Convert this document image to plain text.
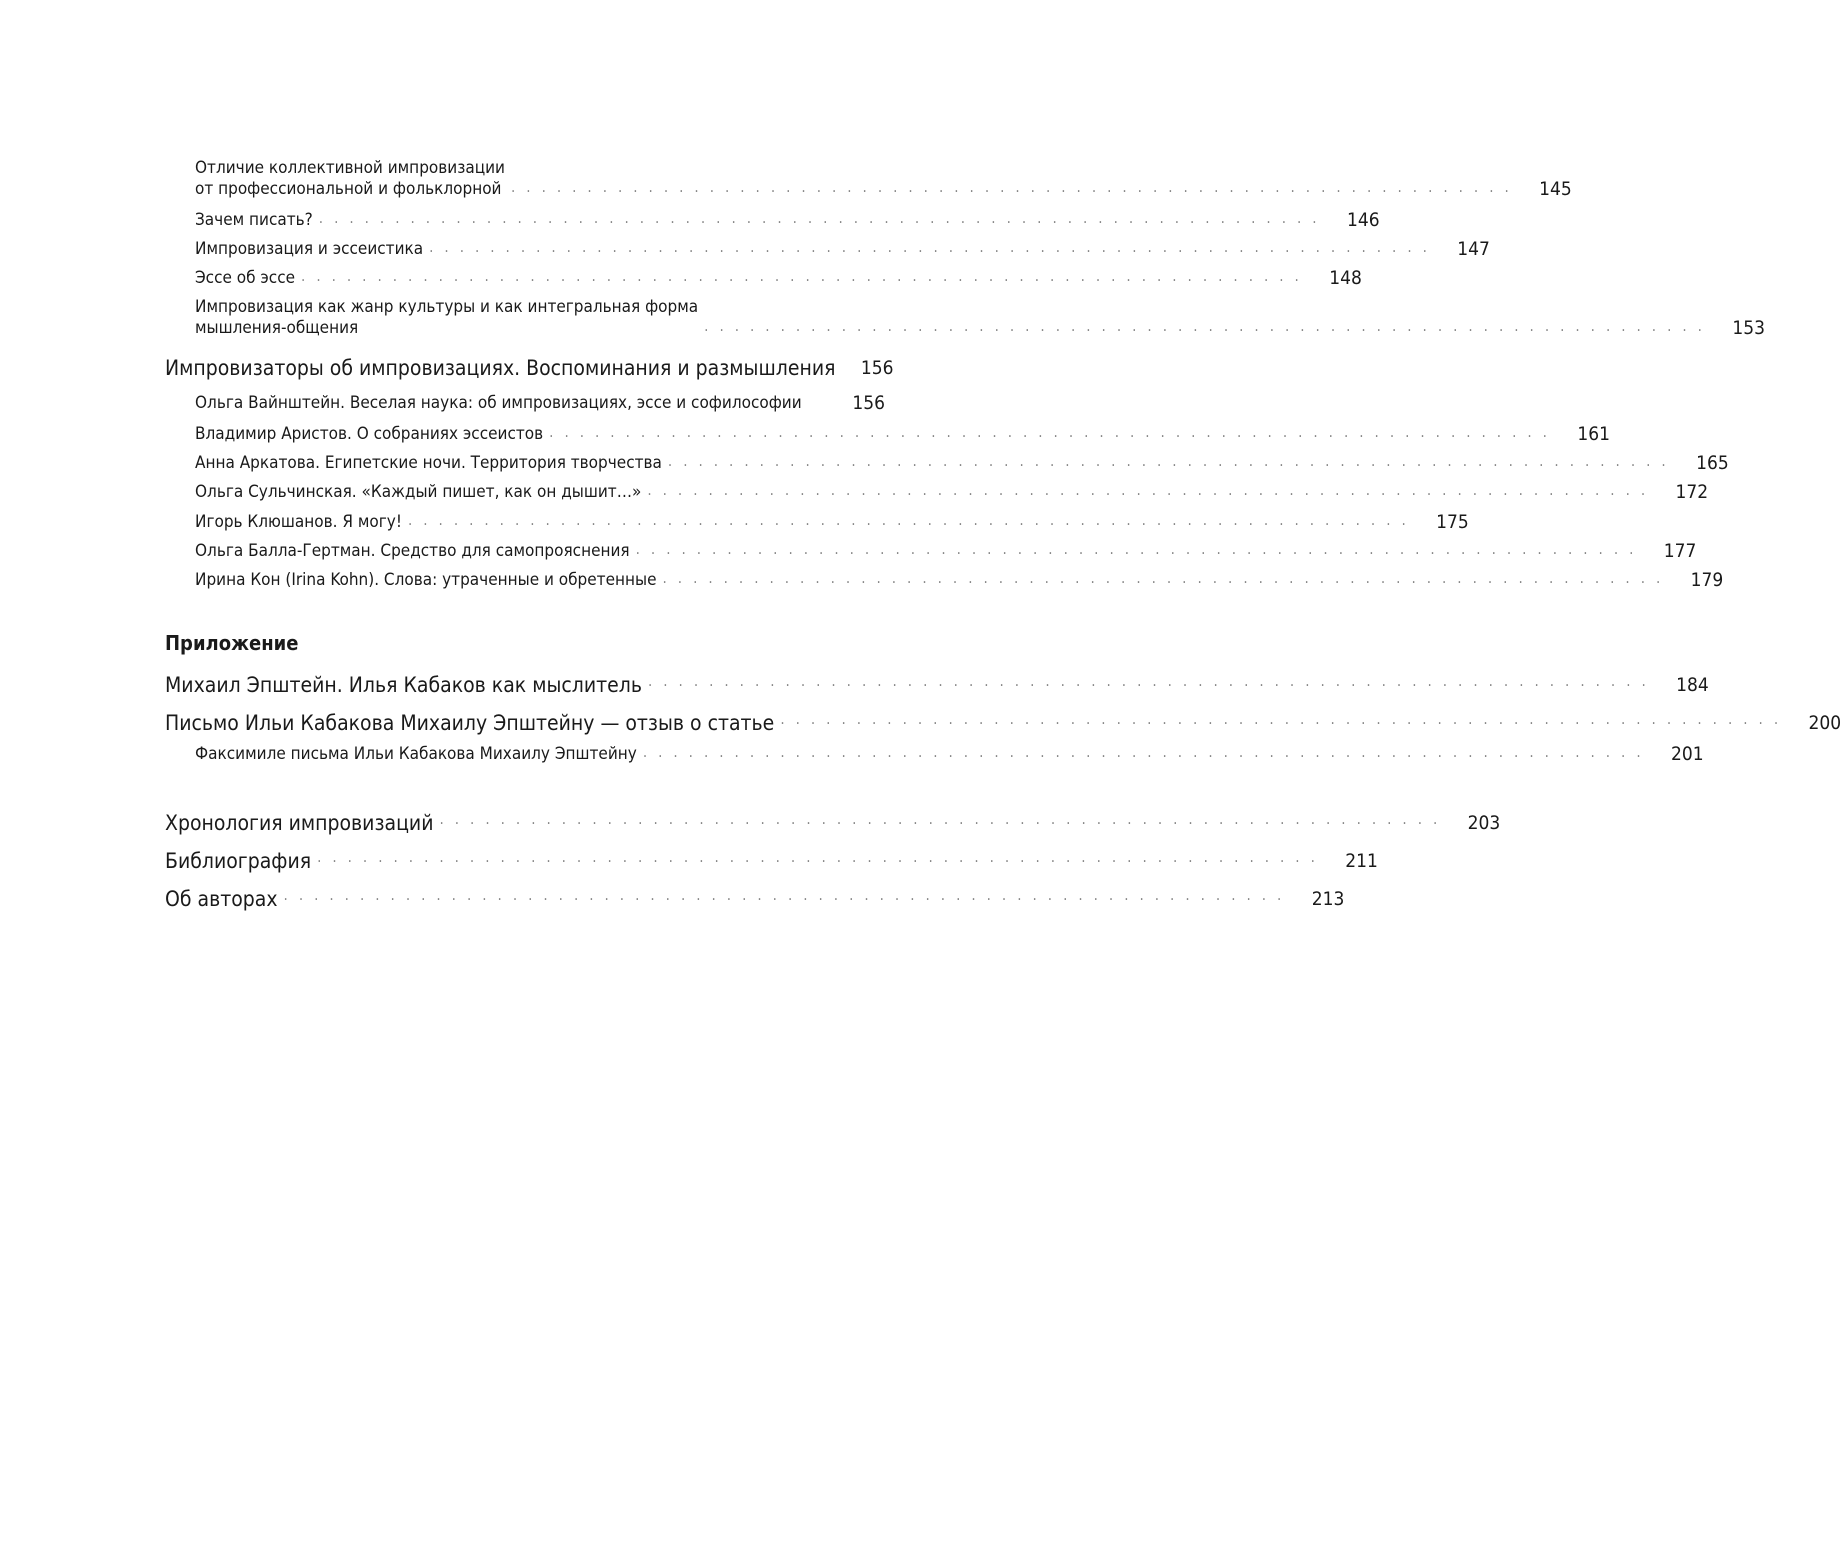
Отличие коллективной импровизации
от профессиональной и фольклорной ..................................................................	145
Зачем писать? ..................................................................	146
Импровизация и эссеистика ..................................................................	147
Эссе об эссе ..................................................................	148
Импровизация как жанр культуры и как интегральная форма
мышления-общения	..................................................................	153
Импровизаторы об импровизациях. Воспоминания и размышления	156
Ольга Вайнштейн. Веселая наука: об импровизациях, эссе и софилософии	156
Владимир Аристов. О собраниях эссеистов ..................................................................	161
Анна Аркатова. Египетские ночи. Территория творчества ..................................................................	165
Ольга Сульчинская. «Каждый пишет, как он дышит…» ..................................................................	172
Игорь Клюшанов. Я могу! ..................................................................	175
Ольга Балла-Гертман. Средство для самопрояснения ..................................................................	177
Ирина Кон (Irina Kohn). Слова: утраченные и обретенные ..................................................................	179
Приложение
Михаил Эпштейн. Илья Кабаков как мыслитель ..................................................................	184
Письмо Ильи Кабакова Михаилу Эпштейну — отзыв о статье ..................................................................	200
Факсимиле письма Ильи Кабакова Михаилу Эпштейну ..................................................................	201
Хронология импровизаций ..................................................................	203
Библиография ..................................................................	211
Об авторах ..................................................................	213
